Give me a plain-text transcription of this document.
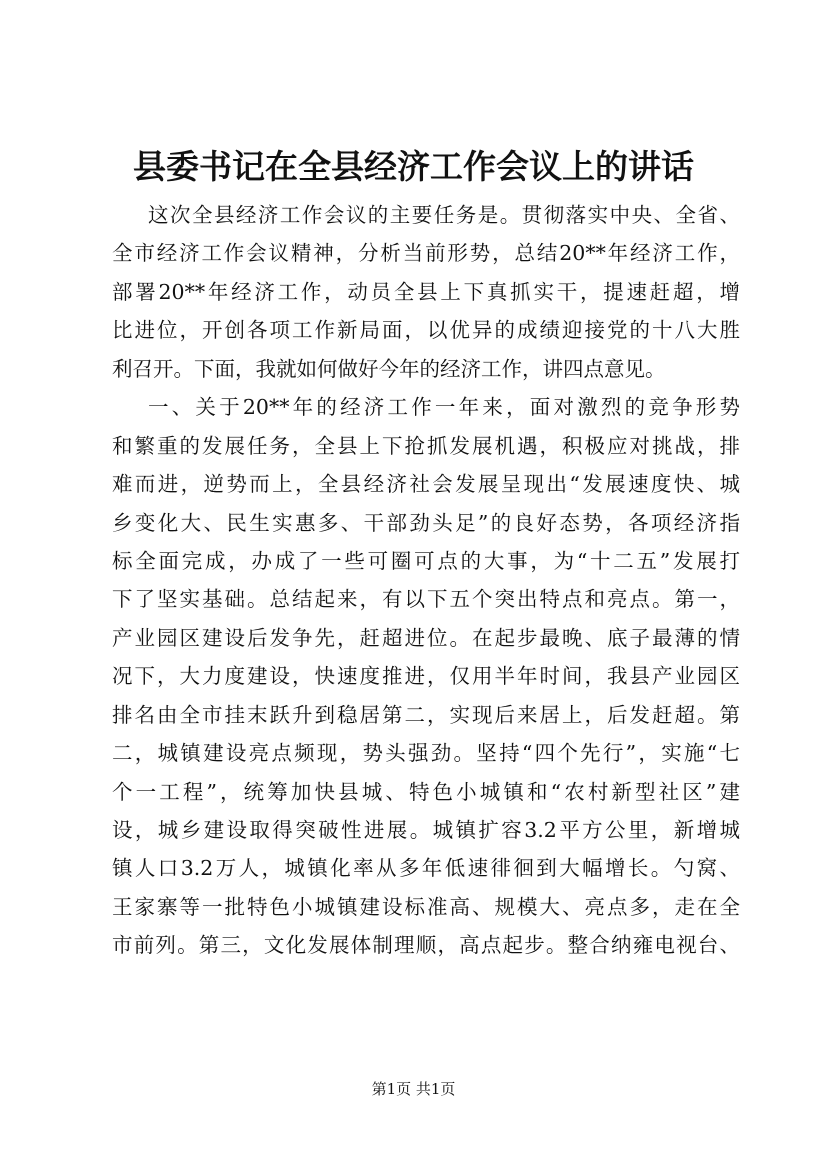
县委书记在全县经济工作会议上的讲话
这次全县经济工作会议的主要任务是。贯彻落实中央、全省、
全市经济工作会议精神，分析当前形势，总结20**年经济工作，
部署20**年经济工作，动员全县上下真抓实干，提速赶超，增
比进位，开创各项工作新局面，以优异的成绩迎接党的十八大胜
利召开。下面，我就如何做好今年的经济工作，讲四点意见。
一、关于20**年的经济工作一年来，面对激烈的竞争形势
和繁重的发展任务，全县上下抢抓发展机遇，积极应对挑战，排
难而进，逆势而上，全县经济社会发展呈现出“发展速度快、城
乡变化大、民生实惠多、干部劲头足”的良好态势，各项经济指
标全面完成，办成了一些可圈可点的大事，为“十二五”发展打
下了坚实基础。总结起来，有以下五个突出特点和亮点。第一，
产业园区建设后发争先，赶超进位。在起步最晚、底子最薄的情
况下，大力度建设，快速度推进，仅用半年时间，我县产业园区
排名由全市挂末跃升到稳居第二，实现后来居上，后发赶超。第
二，城镇建设亮点频现，势头强劲。坚持“四个先行”，实施“七
个一工程”，统筹加快县城、特色小城镇和“农村新型社区”建
设，城乡建设取得突破性进展。城镇扩容3.2平方公里，新增城
镇人口3.2万人，城镇化率从多年低速徘徊到大幅增长。勺窝、
王家寨等一批特色小城镇建设标准高、规模大、亮点多，走在全
市前列。第三，文化发展体制理顺，高点起步。整合纳雍电视台、
第1页 共1页
